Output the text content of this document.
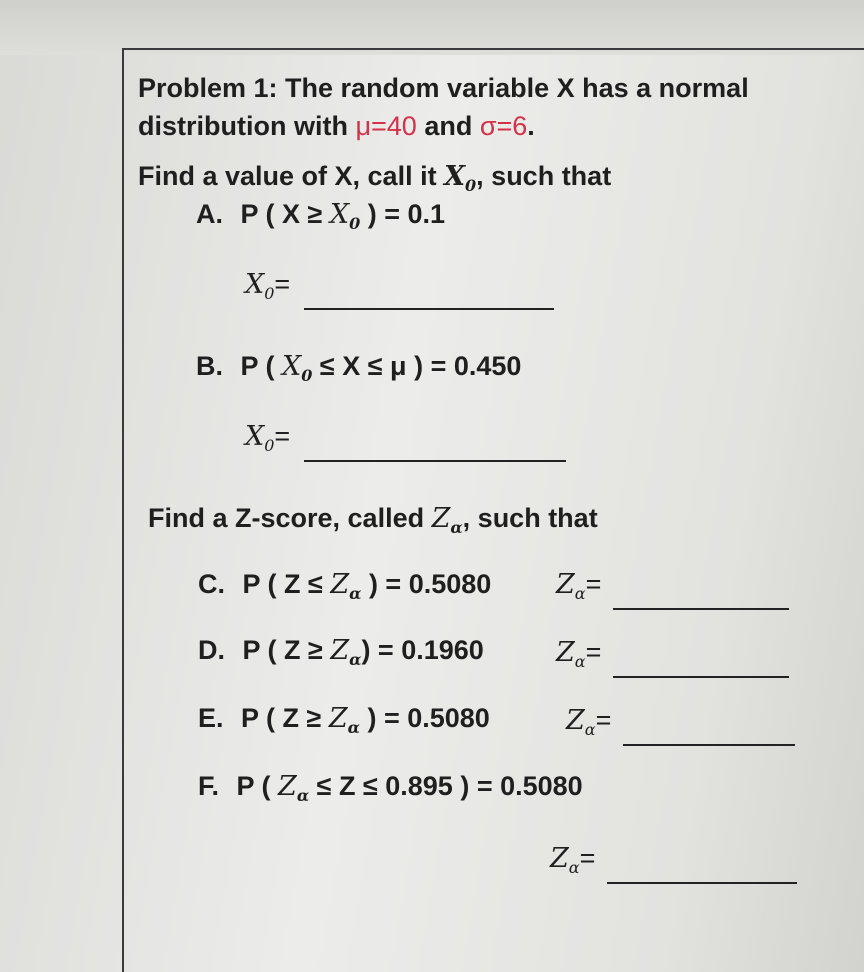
Problem 1: The random variable X has a normal
distribution with μ=40 and σ=6.
Find a value of X, call it $X_0$, such that
A. P ( $X \ge X_0$ ) = 0.1
$X_0=$
B. P ( $X_0 \le X \le \mu$ ) = 0.450
$X_0=$
Find a Z-score, called $Z_\alpha$, such that
C. P ( $Z \le Z_\alpha$ ) = 0.5080 $Z_\alpha=$
D. P ( $Z \ge Z_\alpha) = 0.1960$	$Z_\alpha=$
E. P ( $Z \ge Z_\alpha$ ) = 0.5080	$Z_\alpha=$
F. P ( $Z_\alpha \le Z \le 0.895$ ) = 0.5080
$Z_\alpha=$
